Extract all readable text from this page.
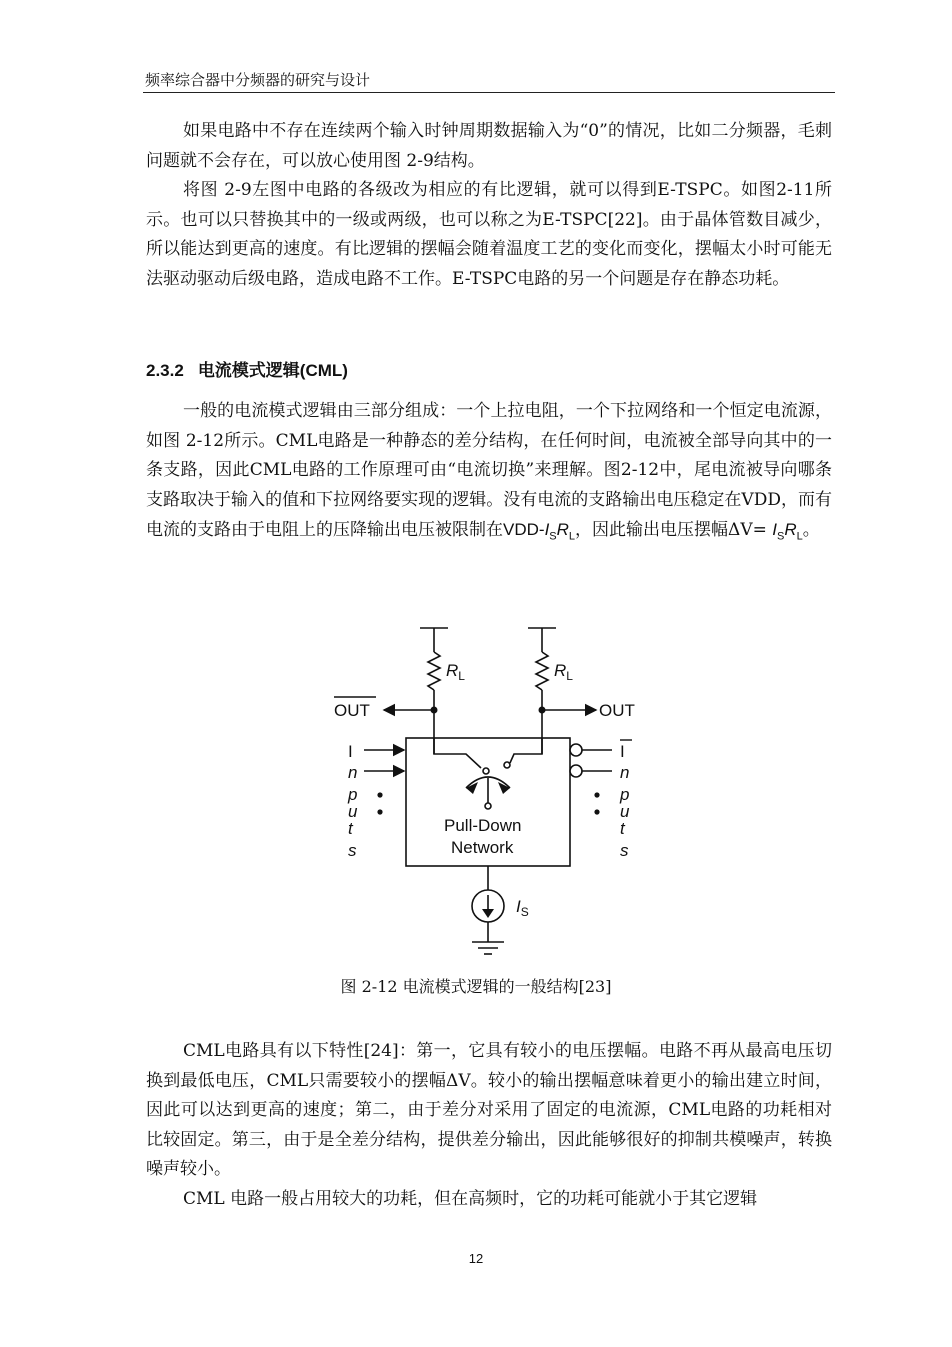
频率综合器中分频器的研究与设计

如果电路中不存在连续两个输入时钟周期数据输入为“0”的情况，比如二分频器，毛刺问题就不会存在，可以放心使用图 2-9结构。

将图 2-9左图中电路的各级改为相应的有比逻辑，就可以得到E-TSPC。如图2-11所示。也可以只替换其中的一级或两级，也可以称之为E-TSPC[22]。由于晶体管数目减少，所以能达到更高的速度。有比逻辑的摆幅会随着温度工艺的变化而变化，摆幅太小时可能无法驱动驱动后级电路，造成电路不工作。E-TSPC电路的另一个问题是存在静态功耗。

2.3.2 电流模式逻辑(CML)

一般的电流模式逻辑由三部分组成：一个上拉电阻，一个下拉网络和一个恒定电流源，如图 2-12所示。CML电路是一种静态的差分结构，在任何时间，电流被全部导向其中的一条支路，因此CML电路的工作原理可由“电流切换”来理解。图2-12中，尾电流被导向哪条支路取决于输入的值和下拉网络要实现的逻辑。没有电流的支路输出电压稳定在VDD，而有电流的支路由于电阻上的压降输出电压被限制在VDD-$I_SR_L$，因此输出电压摆幅$\Delta V= I_SR_L$。

$R_L$	$R_L$
OUT	OUT
Pull-Down
Network
$I_S$
I
n
p
u
t
s
I
n
p
u
t
s
图 2-12 电流模式逻辑的一般结构[23]

CML电路具有以下特性[24]：第一，它具有较小的电压摆幅。电路不再从最高电压切换到最低电压，CML只需要较小的摆幅ΔV。较小的输出摆幅意味着更小的输出建立时间，因此可以达到更高的速度；第二，由于差分对采用了固定的电流源，CML电路的功耗相对比较固定。第三，由于是全差分结构，提供差分输出，因此能够很好的抑制共模噪声，转换噪声较小。

CML 电路一般占用较大的功耗，但在高频时，它的功耗可能就小于其它逻辑

12
